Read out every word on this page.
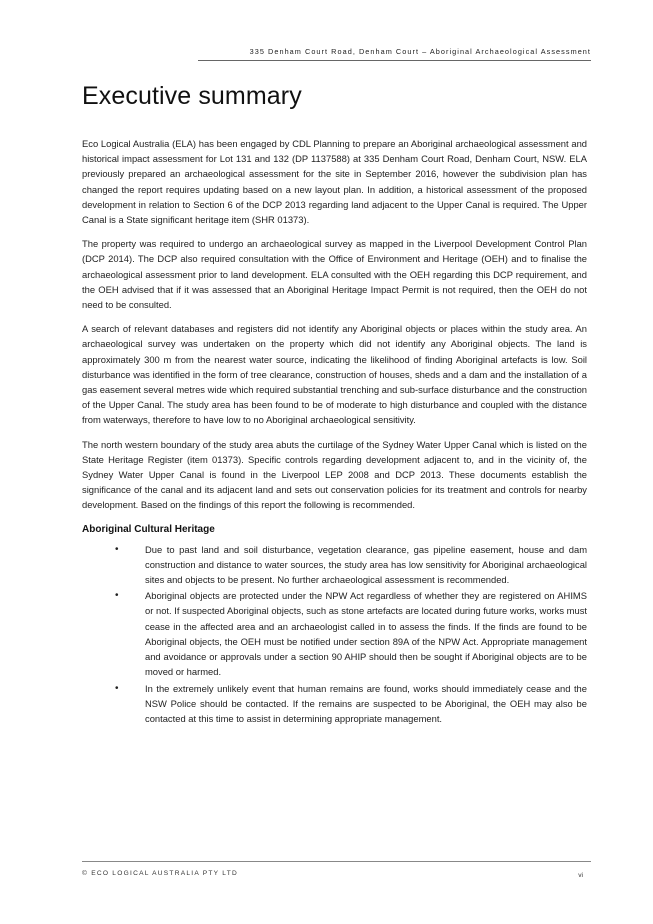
335 Denham Court Road, Denham Court – Aboriginal Archaeological Assessment
Executive summary

Eco Logical Australia (ELA) has been engaged by CDL Planning to prepare an Aboriginal archaeological assessment and historical impact assessment for Lot 131 and 132 (DP 1137588) at 335 Denham Court Road, Denham Court, NSW. ELA previously prepared an archaeological assessment for the site in September 2016, however the subdivision plan has changed the report requires updating based on a new layout plan. In addition, a historical assessment of the proposed development in relation to Section 6 of the DCP 2013 regarding land adjacent to the Upper Canal is required. The Upper Canal is a State significant heritage item (SHR 01373).

The property was required to undergo an archaeological survey as mapped in the Liverpool Development Control Plan (DCP 2014). The DCP also required consultation with the Office of Environment and Heritage (OEH) and to finalise the archaeological assessment prior to land development. ELA consulted with the OEH regarding this DCP requirement, and the OEH advised that if it was assessed that an Aboriginal Heritage Impact Permit is not required, then the OEH do not need to be consulted.

A search of relevant databases and registers did not identify any Aboriginal objects or places within the study area. An archaeological survey was undertaken on the property which did not identify any Aboriginal objects. The land is approximately 300 m from the nearest water source, indicating the likelihood of finding Aboriginal artefacts is low. Soil disturbance was identified in the form of tree clearance, construction of houses, sheds and a dam and the installation of a gas easement several metres wide which required substantial trenching and sub-surface disturbance and the construction of the Upper Canal. The study area has been found to be of moderate to high disturbance and coupled with the distance from waterways, therefore to have low to no Aboriginal archaeological sensitivity.

The north western boundary of the study area abuts the curtilage of the Sydney Water Upper Canal which is listed on the State Heritage Register (item 01373). Specific controls regarding development adjacent to, and in the vicinity of, the Sydney Water Upper Canal is found in the Liverpool LEP 2008 and DCP 2013. These documents establish the significance of the canal and its adjacent land and sets out conservation policies for its treatment and controls for nearby development. Based on the findings of this report the following is recommended.

Aboriginal Cultural Heritage
•	Due to past land and soil disturbance, vegetation clearance, gas pipeline easement, house and dam construction and distance to water sources, the study area has low sensitivity for Aboriginal archaeological sites and objects to be present. No further archaeological assessment is recommended.
•	Aboriginal objects are protected under the NPW Act regardless of whether they are registered on AHIMS or not. If suspected Aboriginal objects, such as stone artefacts are located during future works, works must cease in the affected area and an archaeologist called in to assess the finds. If the finds are found to be Aboriginal objects, the OEH must be notified under section 89A of the NPW Act. Appropriate management and avoidance or approvals under a section 90 AHIP should then be sought if Aboriginal objects are to be moved or harmed.
•	In the extremely unlikely event that human remains are found, works should immediately cease and the NSW Police should be contacted. If the remains are suspected to be Aboriginal, the OEH may also be contacted at this time to assist in determining appropriate management.
© ECO LOGICAL AUSTRALIA PTY LTD	vi
